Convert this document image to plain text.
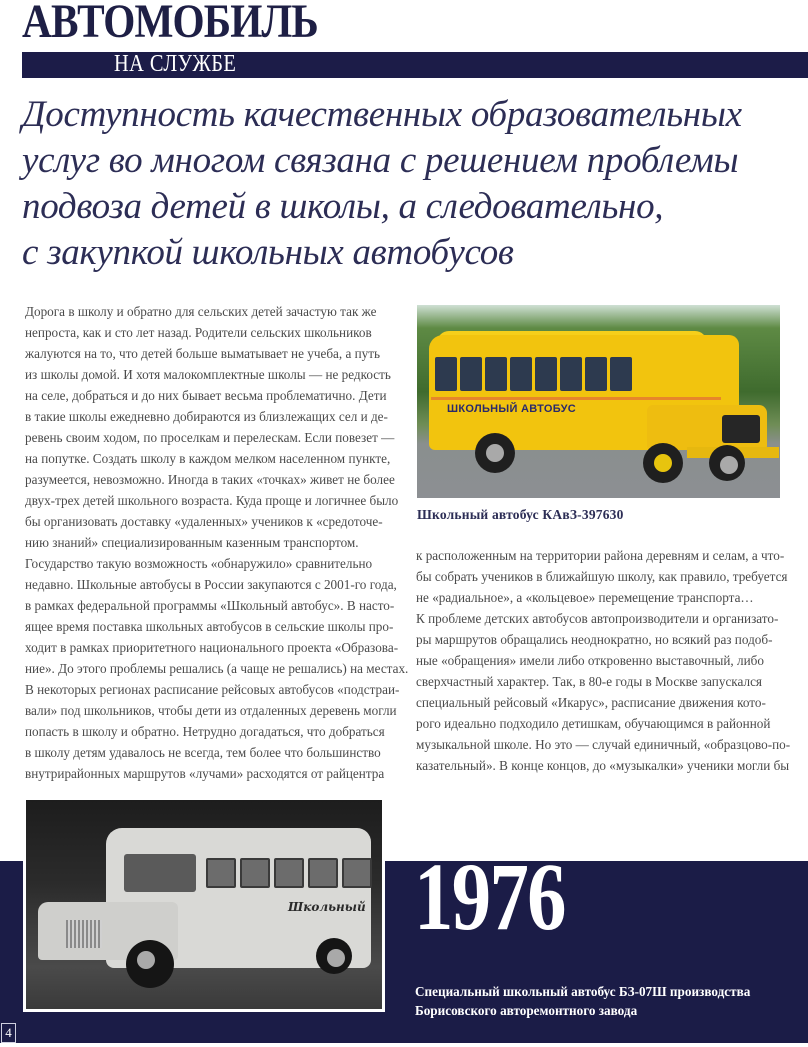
АВТОМОБИЛЬ
НА СЛУЖБЕ
Доступность качественных образовательных
услуг во многом связана с решением проблемы
подвоза детей в школы, а следовательно,
с закупкой школьных автобусов
Дорога в школу и обратно для сельских детей зачастую так же
непроста, как и сто лет назад. Родители сельских школьников
жалуются на то, что детей больше выматывает не учеба, а путь
из школы домой. И хотя малокомплектные школы — не редкость
на селе, добраться и до них бывает весьма проблематично. Дети
в такие школы ежедневно добираются из близлежащих сел и де-
ревень своим ходом, по проселкам и перелескам. Если повезет —
на попутке. Создать школу в каждом мелком населенном пункте,
разумеется, невозможно. Иногда в таких «точках» живет не более
двух-трех детей школьного возраста. Куда проще и логичнее было
бы организовать доставку «удаленных» учеников к «средоточе-
нию знаний» специализированным казенным транспортом.
Государство такую возможность «обнаружило» сравнительно
недавно. Школьные автобусы в России закупаются с 2001-го года,
в рамках федеральной программы «Школьный автобус». В насто-
ящее время поставка школьных автобусов в сельские школы про-
ходит в рамках приоритетного национального проекта «Образова-
ние». До этого проблемы решались (а чаще не решались) на местах.
В некоторых регионах расписание рейсовых автобусов «подстраи-
вали» под школьников, чтобы дети из отдаленных деревень могли
попасть в школу и обратно. Нетрудно догадаться, что добраться
в школу детям удавалось не всегда, тем более что большинство
внутрирайонных маршрутов «лучами» расходятся от райцентра
ШКОЛЬНЫЙ АВТОБУС
Школьный автобус КАвЗ-397630
к расположенным на территории района деревням и селам, а что-
бы собрать учеников в ближайшую школу, как правило, требуется
не «радиальное», а «кольцевое» перемещение транспорта…
К проблеме детских автобусов автопроизводители и организато-
ры маршрутов обращались неоднократно, но всякий раз подоб-
ные «обращения» имели либо откровенно выставочный, либо
сверхчастный характер. Так, в 80-е годы в Москве запускался
специальный рейсовый «Икарус», расписание движения кото-
рого идеально подходило детишкам, обучающимся в районной
музыкальной школе. Но это — случай единичный, «образцово-по-
казательный». В конце концов, до «музыкалки» ученики могли бы
Школьный
4
1976
Специальный школьный автобус БЗ-07Ш производства
Борисовского авторемонтного завода
